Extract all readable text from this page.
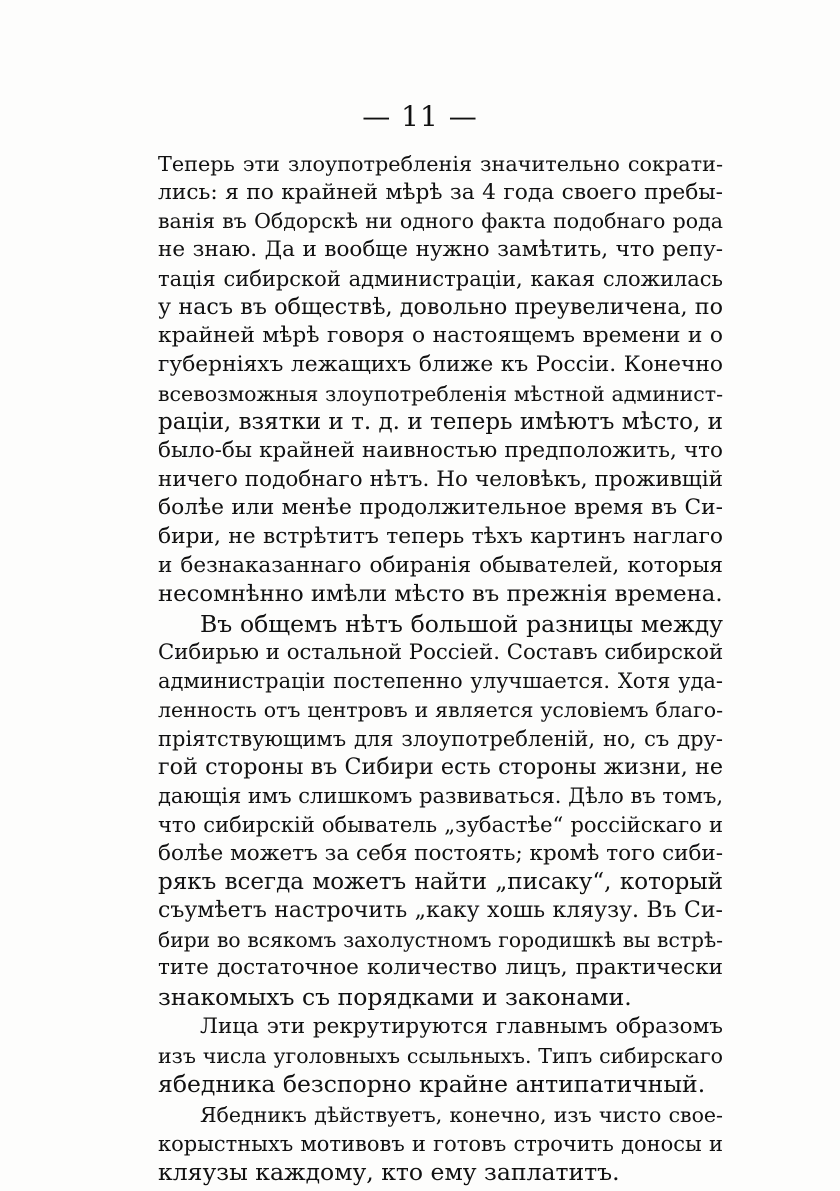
— 11 —
Теперь эти злоупотребленія значительно сократи-
лись: я по крайней мѣрѣ за 4 года своего пребы-
ванія въ Обдорскѣ ни одного факта подобнаго рода
не знаю. Да и вообще нужно замѣтить, что репу-
тація сибирской администраціи, какая сложилась
у насъ въ обществѣ, довольно преувеличена, по
крайней мѣрѣ говоря о настоящемъ времени и о
губерніяхъ лежащихъ ближе къ Россіи. Конечно
всевозможныя злоупотребленія мѣстной админист-
раціи, взятки и т. д. и теперь имѣютъ мѣсто, и
было-бы крайней наивностью предположить, что
ничего подобнаго нѣтъ. Но человѣкъ, проживщій
болѣе или менѣе продолжительное время въ Си-
бири, не встрѣтитъ теперь тѣхъ картинъ наглаго
и безнаказаннаго обиранія обывателей, которыя
несомнѣнно имѣли мѣсто въ прежнія времена.
Въ общемъ нѣтъ большой разницы между
Сибирью и остальной Россіей. Составъ сибирской
администраціи постепенно улучшается. Хотя уда-
ленность отъ центровъ и является условіемъ благо-
пріятствующимъ для злоупотребленій, но, съ дру-
гой стороны въ Сибири есть стороны жизни, не
дающія имъ слишкомъ развиваться. Дѣло въ томъ,
что сибирскій обыватель „зубастѣе“ россійскаго и
болѣе можетъ за себя постоять; кромѣ того сиби-
рякъ всегда можетъ найти „писаку“, который
съумѣетъ настрочить „каку хошь кляузу. Въ Си-
бири во всякомъ захолустномъ городишкѣ вы встрѣ-
тите достаточное количество лицъ, практически
знакомыхъ съ порядками и законами.
Лица эти рекрутируются главнымъ образомъ
изъ числа уголовныхъ ссыльныхъ. Типъ сибирскаго
ябедника безспорно крайне антипатичный.
Ябедникъ дѣйствуетъ, конечно, изъ чисто свое-
корыстныхъ мотивовъ и готовъ строчить доносы и
кляузы каждому, кто ему заплатитъ.
